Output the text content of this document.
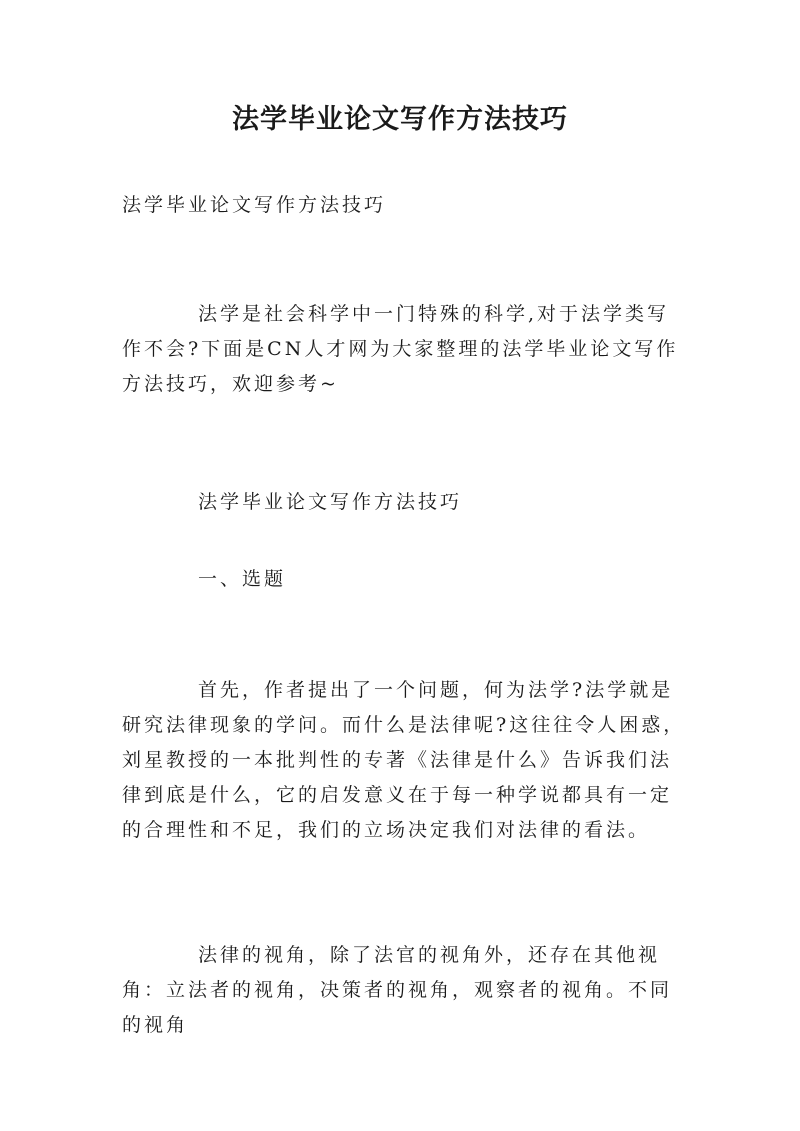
法学毕业论文写作方法技巧

法学毕业论文写作方法技巧

法学是社会科学中一门特殊的科学,对于法学类写作不会?下面是CN人才网为大家整理的法学毕业论文写作方法技巧，欢迎参考~

法学毕业论文写作方法技巧

一、选题

首先，作者提出了一个问题，何为法学?法学就是研究法律现象的学问。而什么是法律呢?这往往令人困惑，刘星教授的一本批判性的专著《法律是什么》告诉我们法律到底是什么，它的启发意义在于每一种学说都具有一定的合理性和不足，我们的立场决定我们对法律的看法。

法律的视角，除了法官的视角外，还存在其他视角：立法者的视角，决策者的视角，观察者的视角。不同的视角
